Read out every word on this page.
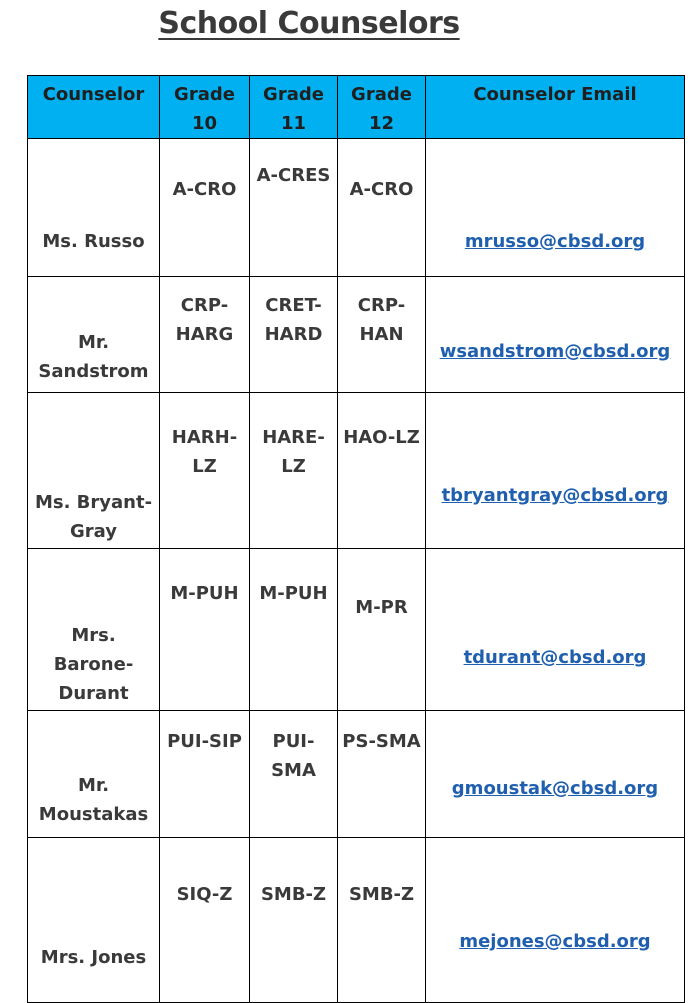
School Counselors
Counselor	Grade 10	Grade 11	Grade 12	Counselor Email
Ms. Russo	A-CRO	A-CRES	A-CRO	mrusso@cbsd.org
Mr. Sandstrom	CRP-HARG	CRET-HARD	CRP-HAN	wsandstrom@cbsd.org
Ms. Bryant-Gray	HARH-LZ	HARE-LZ	HAO-LZ	tbryantgray@cbsd.org
Mrs. Barone-Durant	M-PUH	M-PUH	M-PR	tdurant@cbsd.org
Mr. Moustakas	PUI-SIP	PUI-SMA	PS-SMA	gmoustak@cbsd.org
Mrs. Jones	SIQ-Z	SMB-Z	SMB-Z	mejones@cbsd.org
